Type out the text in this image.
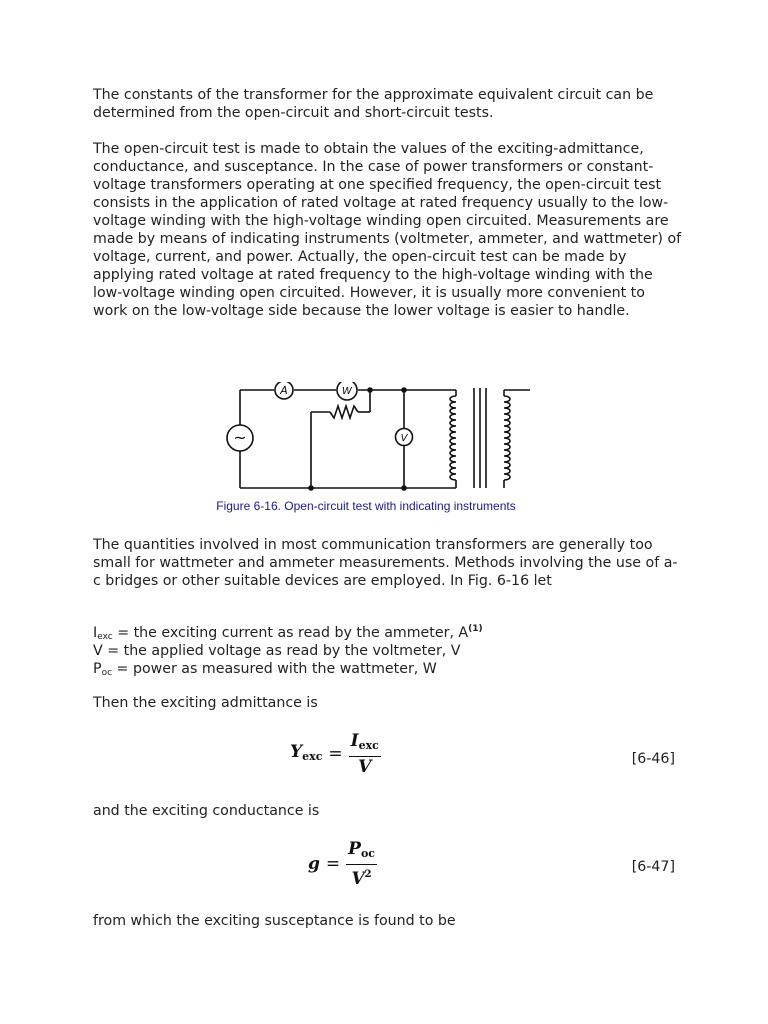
The constants of the transformer for the approximate equivalent circuit can be determined from the open-circuit and short-circuit tests.

The open-circuit test is made to obtain the values of the exciting-admittance, conductance, and susceptance. In the case of power transformers or constant-voltage transformers operating at one specified frequency, the open-circuit test consists in the application of rated voltage at rated frequency usually to the low-voltage winding with the high-voltage winding open circuited. Measurements are made by means of indicating instruments (voltmeter, ammeter, and wattmeter) of voltage, current, and power. Actually, the open-circuit test can be made by applying rated voltage at rated frequency to the high-voltage winding with the low-voltage winding open circuited. However, it is usually more convenient to work on the low-voltage side because the lower voltage is easier to handle.

A	W
V
~
Figure 6-16. Open-circuit test with indicating instruments

The quantities involved in most communication transformers are generally too small for wattmeter and ammeter measurements. Methods involving the use of a-c bridges or other suitable devices are employed. In Fig. 6-16 let

$I_{exc}$ = the exciting current as read by the ammeter, $A^{(1)}$
V = the applied voltage as read by the voltmeter, V
$P_{oc}$ = power as measured with the wattmeter, W

Then the exciting admittance is

Yexc = $\frac{\text{Iexc}}{V}$	[6-46]

and the exciting conductance is

$g = \frac{\text{Poc}}{V^2}$	[6-47]

from which the exciting susceptance is found to be
